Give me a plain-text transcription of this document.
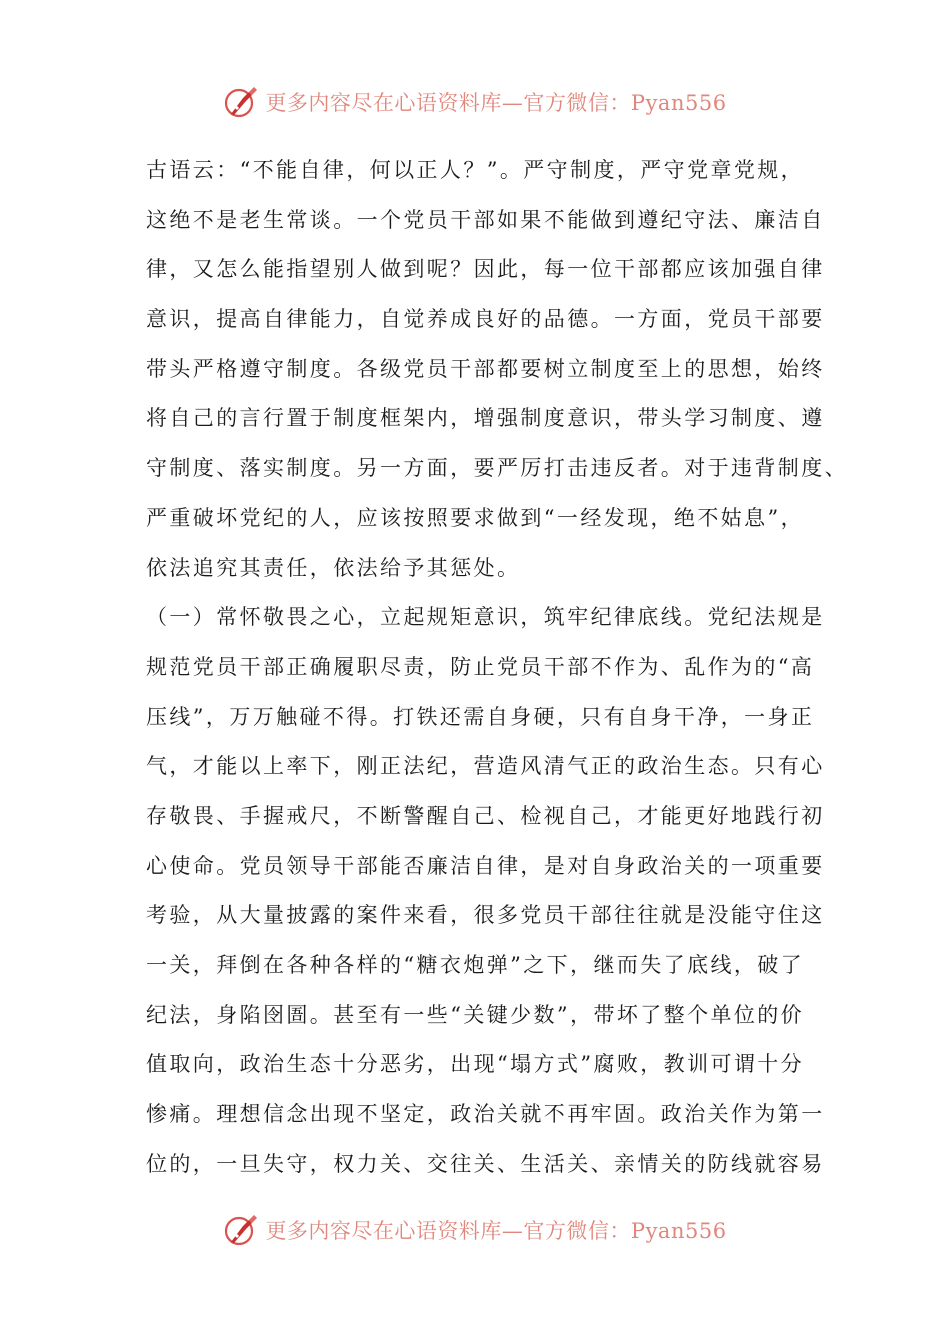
更多内容尽在心语资料库—官方微信：Pyan556
古语云：“不能自律，何以正人？”。严守制度，严守党章党规，
这绝不是老生常谈。一个党员干部如果不能做到遵纪守法、廉洁自
律，又怎么能指望别人做到呢？因此，每一位干部都应该加强自律
意识，提高自律能力，自觉养成良好的品德。一方面，党员干部要
带头严格遵守制度。各级党员干部都要树立制度至上的思想，始终
将自己的言行置于制度框架内，增强制度意识，带头学习制度、遵
守制度、落实制度。另一方面，要严厉打击违反者。对于违背制度、
严重破坏党纪的人，应该按照要求做到“一经发现，绝不姑息”，
依法追究其责任，依法给予其惩处。
（一）常怀敬畏之心，立起规矩意识，筑牢纪律底线。党纪法规是
规范党员干部正确履职尽责，防止党员干部不作为、乱作为的“高
压线”，万万触碰不得。打铁还需自身硬，只有自身干净，一身正
气，才能以上率下，刚正法纪，营造风清气正的政治生态。只有心
存敬畏、手握戒尺，不断警醒自己、检视自己，才能更好地践行初
心使命。党员领导干部能否廉洁自律，是对自身政治关的一项重要
考验，从大量披露的案件来看，很多党员干部往往就是没能守住这
一关，拜倒在各种各样的“糖衣炮弹”之下，继而失了底线，破了
纪法，身陷囹圄。甚至有一些“关键少数”，带坏了整个单位的价
值取向，政治生态十分恶劣，出现“塌方式”腐败，教训可谓十分
惨痛。理想信念出现不坚定，政治关就不再牢固。政治关作为第一
位的，一旦失守，权力关、交往关、生活关、亲情关的防线就容易
更多内容尽在心语资料库—官方微信：Pyan556
